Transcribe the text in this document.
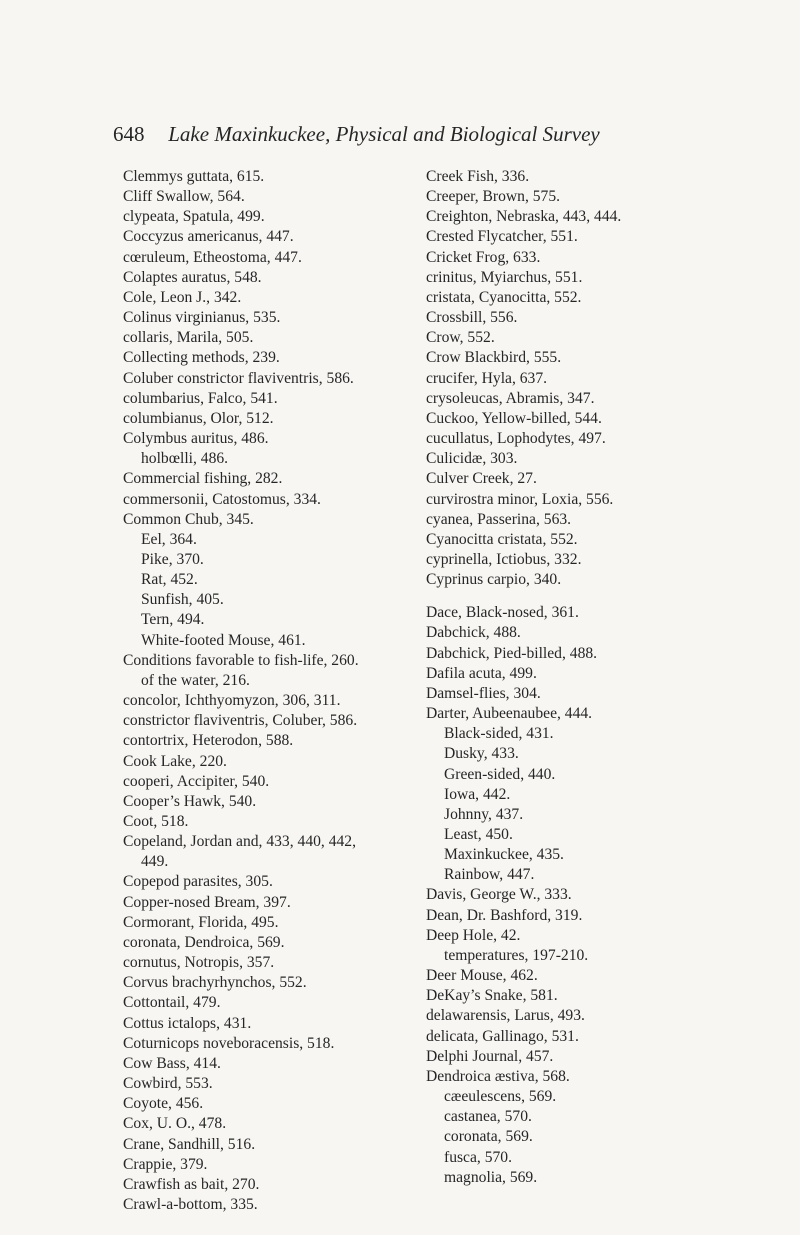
648 Lake Maxinkuckee, Physical and Biological Survey
Clemmys guttata, 615.
Cliff Swallow, 564.
clypeata, Spatula, 499.
Coccyzus americanus, 447.
cœruleum, Etheostoma, 447.
Colaptes auratus, 548.
Cole, Leon J., 342.
Colinus virginianus, 535.
collaris, Marila, 505.
Collecting methods, 239.
Coluber constrictor flaviventris, 586.
columbarius, Falco, 541.
columbianus, Olor, 512.
Colymbus auritus, 486.
holbœlli, 486.
Commercial fishing, 282.
commersonii, Catostomus, 334.
Common Chub, 345.
Eel, 364.
Pike, 370.
Rat, 452.
Sunfish, 405.
Tern, 494.
White-footed Mouse, 461.
Conditions favorable to fish-life, 260.
of the water, 216.
concolor, Ichthyomyzon, 306, 311.
constrictor flaviventris, Coluber, 586.
contortrix, Heterodon, 588.
Cook Lake, 220.
cooperi, Accipiter, 540.
Cooper’s Hawk, 540.
Coot, 518.
Copeland, Jordan and, 433, 440, 442,
449.
Copepod parasites, 305.
Copper-nosed Bream, 397.
Cormorant, Florida, 495.
coronata, Dendroica, 569.
cornutus, Notropis, 357.
Corvus brachyrhynchos, 552.
Cottontail, 479.
Cottus ictalops, 431.
Coturnicops noveboracensis, 518.
Cow Bass, 414.
Cowbird, 553.
Coyote, 456.
Cox, U. O., 478.
Crane, Sandhill, 516.
Crappie, 379.
Crawfish as bait, 270.
Crawl-a-bottom, 335.
Creek Fish, 336.
Creeper, Brown, 575.
Creighton, Nebraska, 443, 444.
Crested Flycatcher, 551.
Cricket Frog, 633.
crinitus, Myiarchus, 551.
cristata, Cyanocitta, 552.
Crossbill, 556.
Crow, 552.
Crow Blackbird, 555.
crucifer, Hyla, 637.
crysoleucas, Abramis, 347.
Cuckoo, Yellow-billed, 544.
cucullatus, Lophodytes, 497.
Culicidæ, 303.
Culver Creek, 27.
curvirostra minor, Loxia, 556.
cyanea, Passerina, 563.
Cyanocitta cristata, 552.
cyprinella, Ictiobus, 332.
Cyprinus carpio, 340.
Dace, Black-nosed, 361.
Dabchick, 488.
Dabchick, Pied-billed, 488.
Dafila acuta, 499.
Damsel-flies, 304.
Darter, Aubeenaubee, 444.
Black-sided, 431.
Dusky, 433.
Green-sided, 440.
Iowa, 442.
Johnny, 437.
Least, 450.
Maxinkuckee, 435.
Rainbow, 447.
Davis, George W., 333.
Dean, Dr. Bashford, 319.
Deep Hole, 42.
temperatures, 197-210.
Deer Mouse, 462.
DeKay’s Snake, 581.
delawarensis, Larus, 493.
delicata, Gallinago, 531.
Delphi Journal, 457.
Dendroica æstiva, 568.
cæeulescens, 569.
castanea, 570.
coronata, 569.
fusca, 570.
magnolia, 569.
